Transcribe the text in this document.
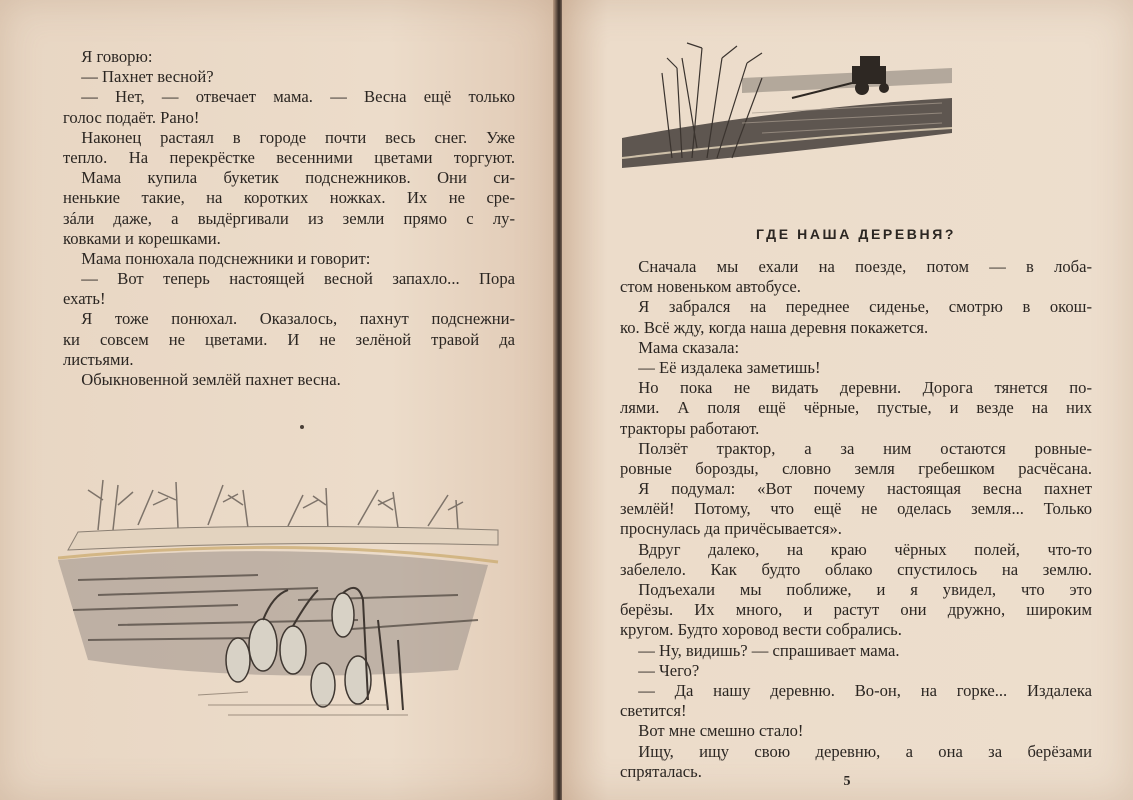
Я говорю:
— Пахнет весной?
— Нет, — отвечает мама. — Весна ещё только
голос подаёт. Рано!
Наконец растаял в городе почти весь снег. Уже
тепло. На перекрёстке весенними цветами торгуют.
Мама купила букетик подснежников. Они си-
ненькие такие, на коротких ножках. Их не сре-
зáли даже, а выдёргивали из земли прямо с лу-
ковками и корешками.
Мама понюхала подснежники и говорит:
— Вот теперь настоящей весной запахло... Пора
ехать!
Я тоже понюхал. Оказалось, пахнут подснежни-
ки совсем не цветами. И не зелёной травой да
листьями.
Обыкновенной землёй пахнет весна.
ГДЕ НАША ДЕРЕВНЯ?
Сначала мы ехали на поезде, потом — в лоба-
стом новеньком автобусе.
Я забрался на переднее сиденье, смотрю в окош-
ко. Всё жду, когда наша деревня покажется.
Мама сказала:
— Её издалека заметишь!
Но пока не видать деревни. Дорога тянется по-
лями. А поля ещё чёрные, пустые, и везде на них
тракторы работают.
Ползёт трактор, а за ним остаются ровные-
ровные борозды, словно земля гребешком расчёсана.
Я подумал: «Вот почему настоящая весна пахнет
землёй! Потому, что ещё не оделась земля... Только
проснулась да причёсывается».
Вдруг далеко, на краю чёрных полей, что-то
забелело. Как будто облако спустилось на землю.
Подъехали мы поближе, и я увидел, что это
берёзы. Их много, и растут они дружно, широким
кругом. Будто хоровод вести собрались.
— Ну, видишь? — спрашивает мама.
— Чего?
— Да нашу деревню. Во-он, на горке... Издалека
светится!
Вот мне смешно стало!
Ищу, ищу свою деревню, а она за берёзами
спряталась.
5
